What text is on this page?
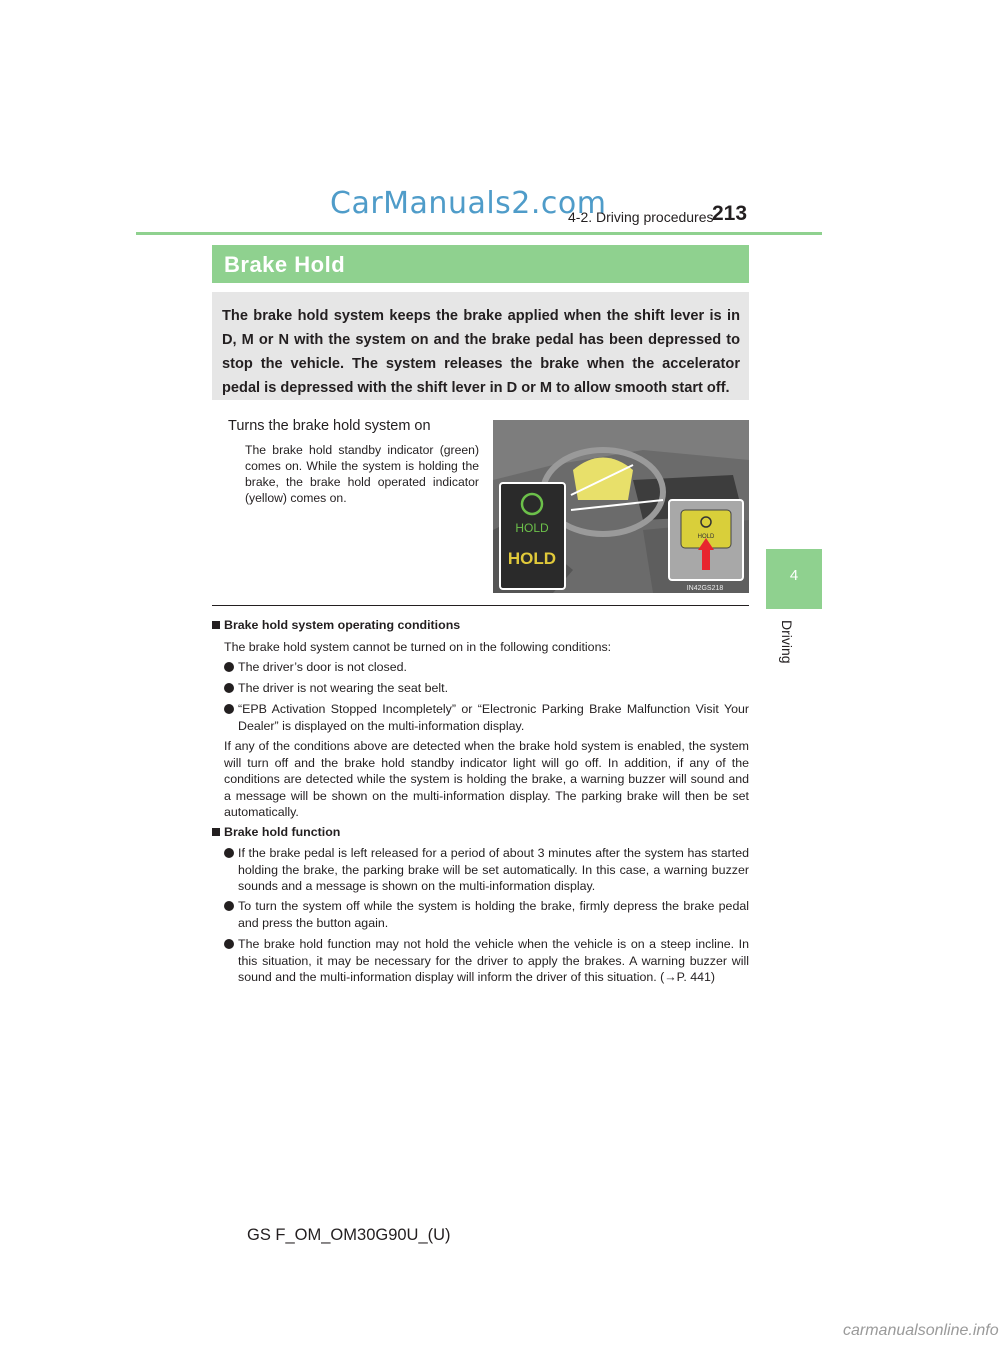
CarManuals2.com
4-2. Driving procedures
213
4
Driving
Brake Hold
The brake hold system keeps the brake applied when the shift lever is in D, M or N with the system on and the brake pedal has been depressed to stop the vehicle. The system releases the brake when the accelerator pedal is depressed with the shift lever in D or M to allow smooth start off.
Turns the brake hold system on
The brake hold standby indicator (green) comes on. While the system is holding the brake, the brake hold operated indicator (yellow) comes on.
HOLD
HOLD
HOLD
IN42GS218
Brake hold system operating conditions
The brake hold system cannot be turned on in the following conditions:
The driver’s door is not closed.
The driver is not wearing the seat belt.
“EPB Activation Stopped Incompletely” or “Electronic Parking Brake Malfunction Visit Your Dealer” is displayed on the multi-information display.
If any of the conditions above are detected when the brake hold system is enabled, the system will turn off and the brake hold standby indicator light will go off. In addition, if any of the conditions are detected while the system is holding the brake, a warning buzzer will sound and a message will be shown on the multi-information display. The parking brake will then be set automatically.
Brake hold function
If the brake pedal is left released for a period of about 3 minutes after the system has started holding the brake, the parking brake will be set automatically. In this case, a warning buzzer sounds and a message is shown on the multi-information display.
To turn the system off while the system is holding the brake, firmly depress the brake pedal and press the button again.
The brake hold function may not hold the vehicle when the vehicle is on a steep incline. In this situation, it may be necessary for the driver to apply the brakes. A warning buzzer will sound and the multi-information display will inform the driver of this situation. (→P. 441)
GS F_OM_OM30G90U_(U)
carmanualsonline.info
